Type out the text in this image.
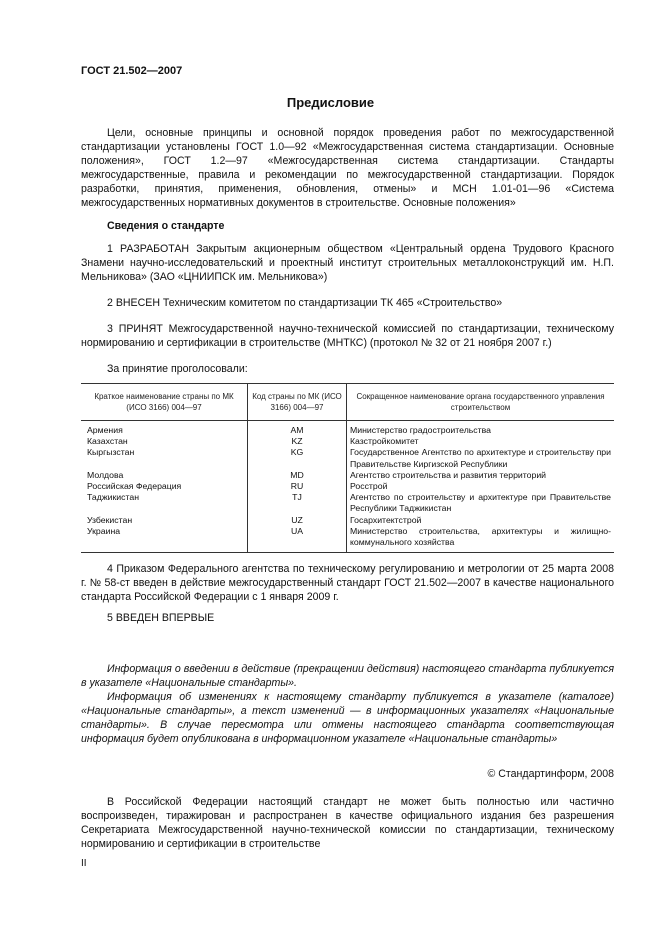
ГОСТ 21.502—2007
Предисловие

Цели, основные принципы и основной порядок проведения работ по межгосударственной стандартизации установлены ГОСТ 1.0—92 «Межгосударственная система стандартизации. Основные положения», ГОСТ 1.2—97 «Межгосударственная система стандартизации. Стандарты межгосударственные, правила и рекомендации по межгосударственной стандартизации. Порядок разработки, принятия, применения, обновления, отмены» и МСН 1.01-01—96 «Система межгосударственных нормативных документов в строительстве. Основные положения»

Сведения о стандарте

1 РАЗРАБОТАН Закрытым акционерным обществом «Центральный ордена Трудового Красного Знамени научно-исследовательский и проектный институт строительных металлоконструкций им. Н.П. Мельникова» (ЗАО «ЦНИИПСК им. Мельникова»)

2 ВНЕСЕН Техническим комитетом по стандартизации ТК 465 «Строительство»

3 ПРИНЯТ Межгосударственной научно-технической комиссией по стандартизации, техническому нормированию и сертификации в строительстве (МНТКС) (протокол № 32 от 21 ноября 2007 г.)

За принятие проголосовали:
Краткое наименование страны по МК (ИСО 3166) 004—97	Код страны по МК (ИСО 3166) 004—97	Сокращенное наименование органа государственного управления строительством
Армения	AM	Министерство градостроительства
Казахстан	KZ	Казстройкомитет
Кыргызстан	KG	Государственное Агентство по архитектуре и строительству при Правительстве Киргизской Республики
Молдова	MD	Агентство строительства и развития территорий
Российская Федерация	RU	Росстрой
Таджикистан	TJ	Агентство по строительству и архитектуре при Правительстве Республики Таджикистан
Узбекистан	UZ	Госархитектстрой
Украина	UA	Министерство строительства, архитектуры и жилищно-коммунального хозяйства

4 Приказом Федерального агентства по техническому регулированию и метрологии от 25 марта 2008 г. № 58-ст введен в действие межгосударственный стандарт ГОСТ 21.502—2007 в качестве национального стандарта Российской Федерации с 1 января 2009 г.

5 ВВЕДЕН ВПЕРВЫЕ

Информация о введении в действие (прекращении действия) настоящего стандарта публикуется в указателе «Национальные стандарты».

Информация об изменениях к настоящему стандарту публикуется в указателе (каталоге) «Национальные стандарты», а текст изменений — в информационных указателях «Национальные стандарты». В случае пересмотра или отмены настоящего стандарта соответствующая информация будет опубликована в информационном указателе «Национальные стандарты»

© Стандартинформ, 2008

В Российской Федерации настоящий стандарт не может быть полностью или частично воспроизведен, тиражирован и распространен в качестве официального издания без разрешения Секретариата Межгосударственной научно-технической комиссии по стандартизации, техническому нормированию и сертификации в строительстве

II
